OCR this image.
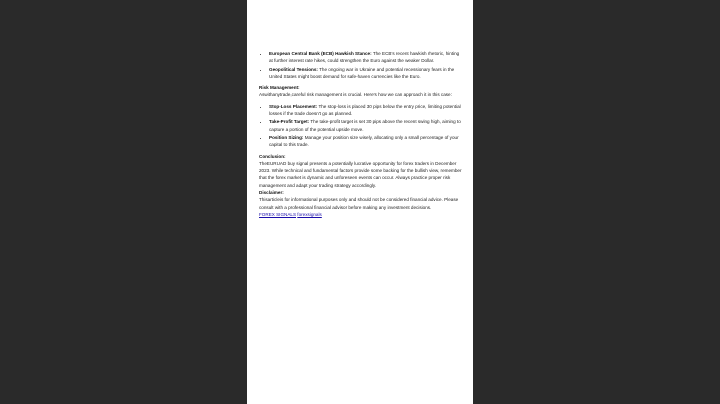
• European Central Bank (ECB) Hawkish Stance: The ECB's recent hawkish rhetoric, hinting at further interest rate hikes, could strengthen the Euro against the weaker Dollar.
• Geopolitical Tensions: The ongoing war in Ukraine and potential recessionary fears in the United States might boost demand for safe-haven currencies like the Euro.

Risk Management:

Aswithanytrade,careful risk management is crucial. Here's how we can approach it in this case:

• Stop-Loss Placement: The stop-loss is placed 30 pips below the entry price, limiting potential losses if the trade doesn't go as planned.
• Take-Profit Target: The take-profit target is set 30 pips above the recent swing high, aiming to capture a portion of the potential upside move.
• Position Sizing: Manage your position size wisely, allocating only a small percentage of your capital to this trade.

Conclusion:

TheEURUAD buy signal presents a potentially lucrative opportunity for forex traders in December 2023. While technical and fundamental factors provide some backing for the bullish view, remember that the forex market is dynamic and unforeseen events can occur. Always practice proper risk management and adapt your trading strategy accordingly.

Disclaimer:

Thisarticleis for informational purposes only and should not be considered financial advice. Please consult with a professional financial advisor before making any investment decisions.

FOREX SIGNALS forexsignals
